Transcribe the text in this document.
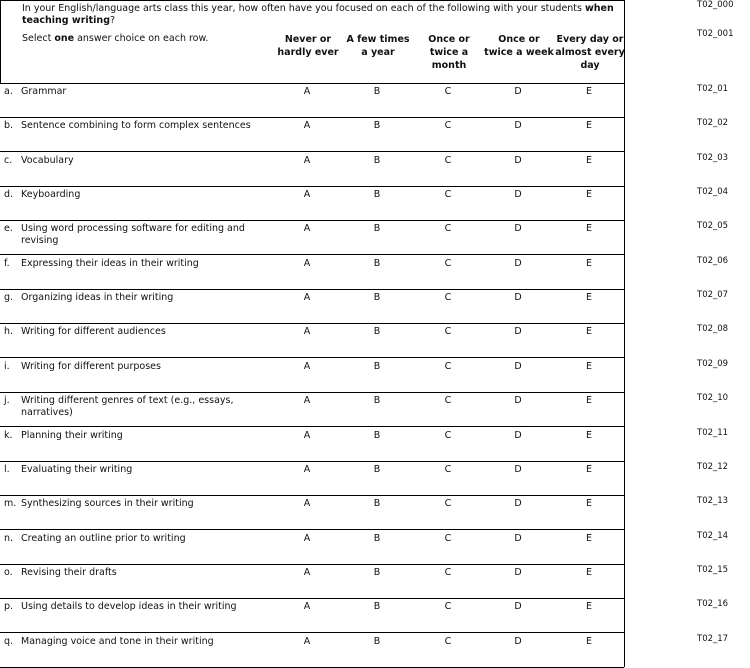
In your English/language arts class this year, how often have you focused on each of the following with your students when teaching writing?
Select one answer choice on each row.	Never or hardly ever
A few times a year
Once or twice a month
Once or twice a week
Every day or almost every day
a. Grammar	A	B	C	D	E
b. Sentence combining to form complex sentences	A	B	C	D	E
c. Vocabulary	A	B	C	D	E
d. Keyboarding	A	B	C	D	E
e. Using word processing software for editing and revising
A	B	C	D	E
f. Expressing their ideas in their writing	A	B	C	D	E
g. Organizing ideas in their writing	A	B	C	D	E
h. Writing for different audiences	A	B	C	D	E
i. Writing for different purposes	A	B	C	D	E
j. Writing different genres of text (e.g., essays, narratives)
A	B	C	D	E
k. Planning their writing	A	B	C	D	E
l. Evaluating their writing	A	B	C	D	E
m. Synthesizing sources in their writing	A	B	C	D	E
n. Creating an outline prior to writing	A	B	C	D	E
o. Revising their drafts	A	B	C	D	E
p. Using details to develop ideas in their writing	A	B	C	D	E
q. Managing voice and tone in their writing	A	B	C	D	E
T02_01
T02_02
T02_03
T02_04
T02_05
T02_06
T02_07
T02_08
T02_09
T02_10
T02_11
T02_12
T02_13
T02_14
T02_15
T02_16
T02_17
T02_000
T02_001
